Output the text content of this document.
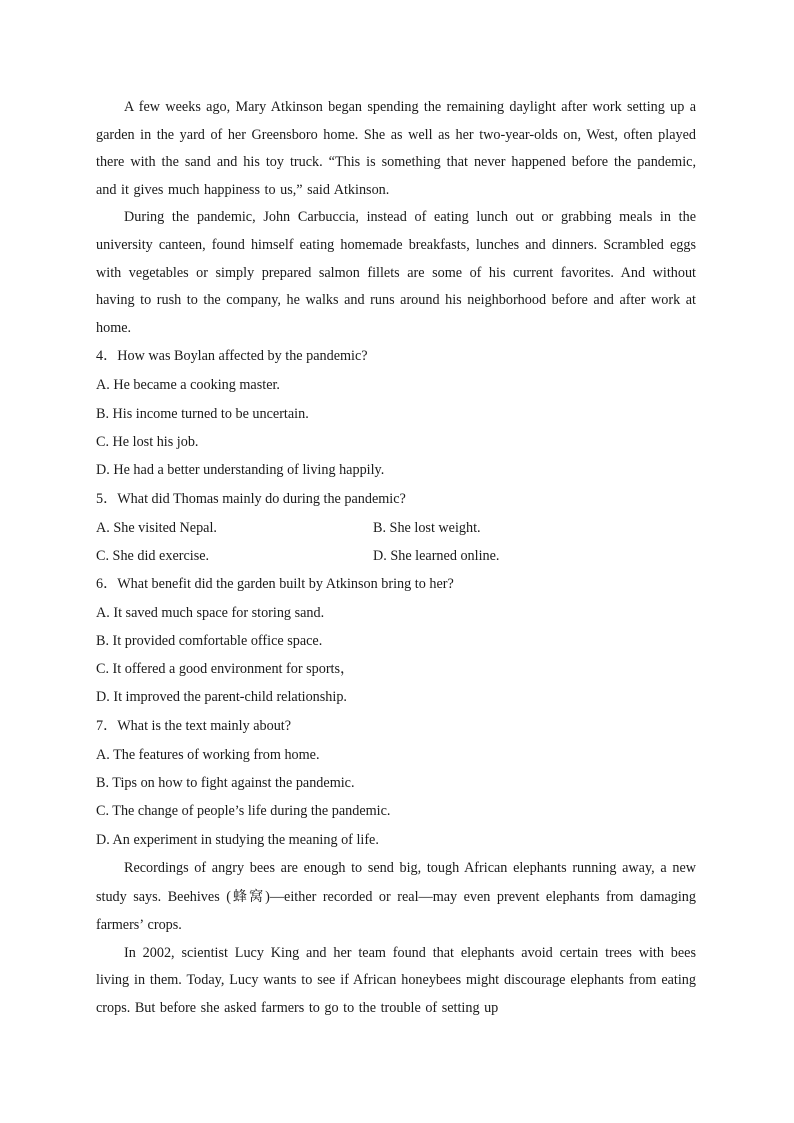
A few weeks ago, Mary Atkinson began spending the remaining daylight after work setting up a garden in the yard of her Greensboro home. She as well as her two-year-olds on, West, often played there with the sand and his toy truck. “This is something that never happened before the pandemic, and it gives much happiness to us,” said Atkinson.

During the pandemic, John Carbuccia, instead of eating lunch out or grabbing meals in the university canteen, found himself eating homemade breakfasts, lunches and dinners. Scrambled eggs with vegetables or simply prepared salmon fillets are some of his current favorites. And without having to rush to the company, he walks and runs around his neighborhood before and after work at home.

4．How was Boylan affected by the pandemic?

A. He became a cooking master.

B. His income turned to be uncertain.

C. He lost his job.

D. He had a better understanding of living happily.

5．What did Thomas mainly do during the pandemic?

A. She visited Nepal.	B. She lost weight.
C. She did exercise.	D. She learned online.

6．What benefit did the garden built by Atkinson bring to her?

A. It saved much space for storing sand.

B. It provided comfortable office space.

C. It offered a good environment for sports，

D. It improved the parent-child relationship.

7．What is the text mainly about?

A. The features of working from home.

B. Tips on how to fight against the pandemic.

C. The change of people’s life during the pandemic.

D. An experiment in studying the meaning of life.

Recordings of angry bees are enough to send big, tough African elephants running away, a new study says. Beehives (蜂窝)—either recorded or real—may even prevent elephants from damaging farmers’ crops.

In 2002, scientist Lucy King and her team found that elephants avoid certain trees with bees living in them. Today, Lucy wants to see if African honeybees might discourage elephants from eating crops. But before she asked farmers to go to the trouble of setting up
